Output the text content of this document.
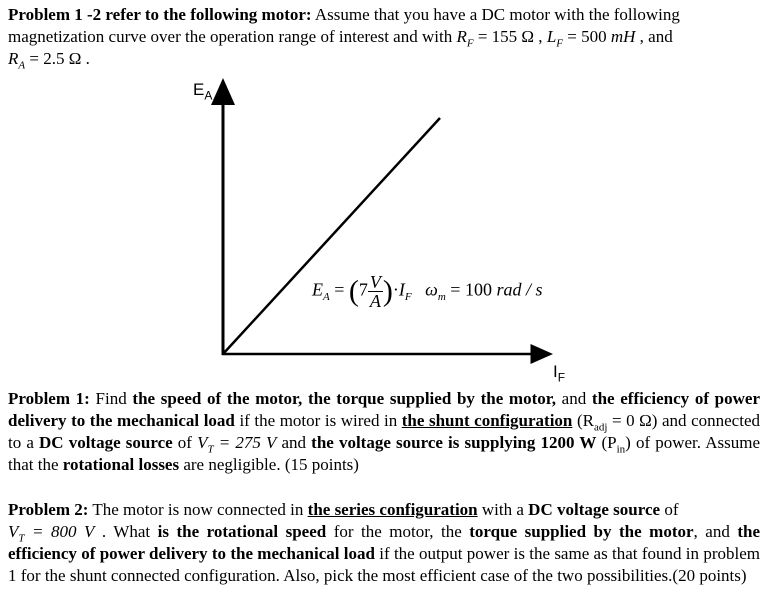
Problem 1 -2 refer to the following motor: Assume that you have a DC motor with the following magnetization curve over the operation range of interest and with $R_F = 155$ Ω , $L_F = 500$ mH , and
$R_A = 2.5$ Ω .
$E_A$
$I_F$
$E_A = (7 \frac{V}{A} )\cdot I_F$ $\omega_m = 100$ rad / s
Problem 1: Find the speed of the motor, the torque supplied by the motor, and the efficiency of power delivery to the mechanical load if the motor is wired in the shunt configuration ($R_{adj} = 0$ Ω) and connected to a DC voltage source of $V_T = 275$ V and the voltage source is supplying 1200 W $(P_{in})$ of power. Assume that the rotational losses are negligible. (15 points)
Problem 2: The motor is now connected in the series configuration with a DC voltage source of
$V_T = 800$ V . What is the rotational speed for the motor, the torque supplied by the motor, and the efficiency of power delivery to the mechanical load if the output power is the same as that found in problem 1 for the shunt connected configuration. Also, pick the most efficient case of the two possibilities.(20 points)
